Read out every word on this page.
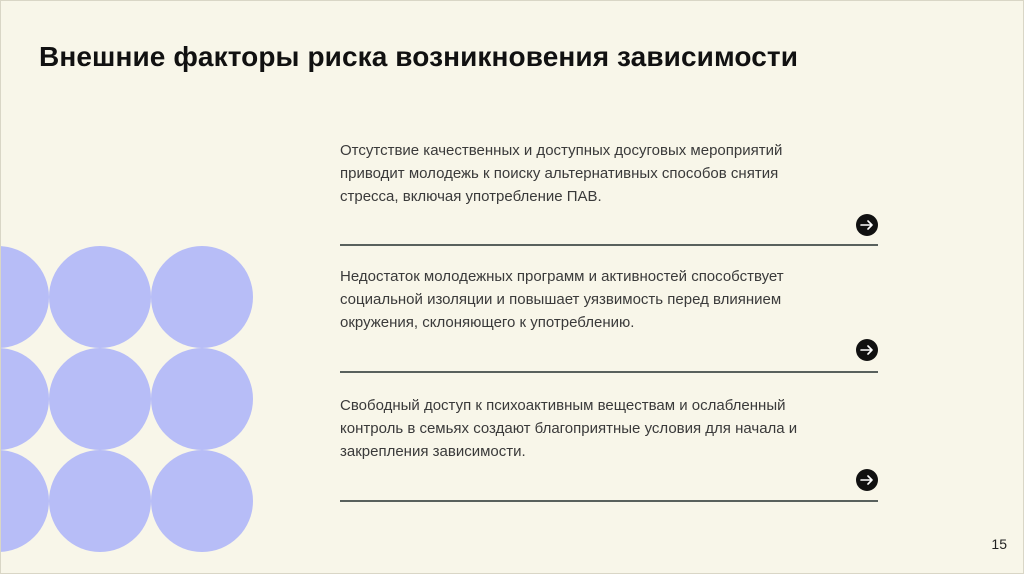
Внешние факторы риска возникновения зависимости
Отсутствие качественных и доступных досуговых мероприятий приводит молодежь к поиску альтернативных способов снятия стресса, включая употребление ПАВ.
Недостаток молодежных программ и активностей способствует социальной изоляции и повышает уязвимость перед влиянием окружения, склоняющего к употреблению.
Свободный доступ к психоактивным веществам и ослабленный контроль в семьях создают благоприятные условия для начала и закрепления зависимости.
15
